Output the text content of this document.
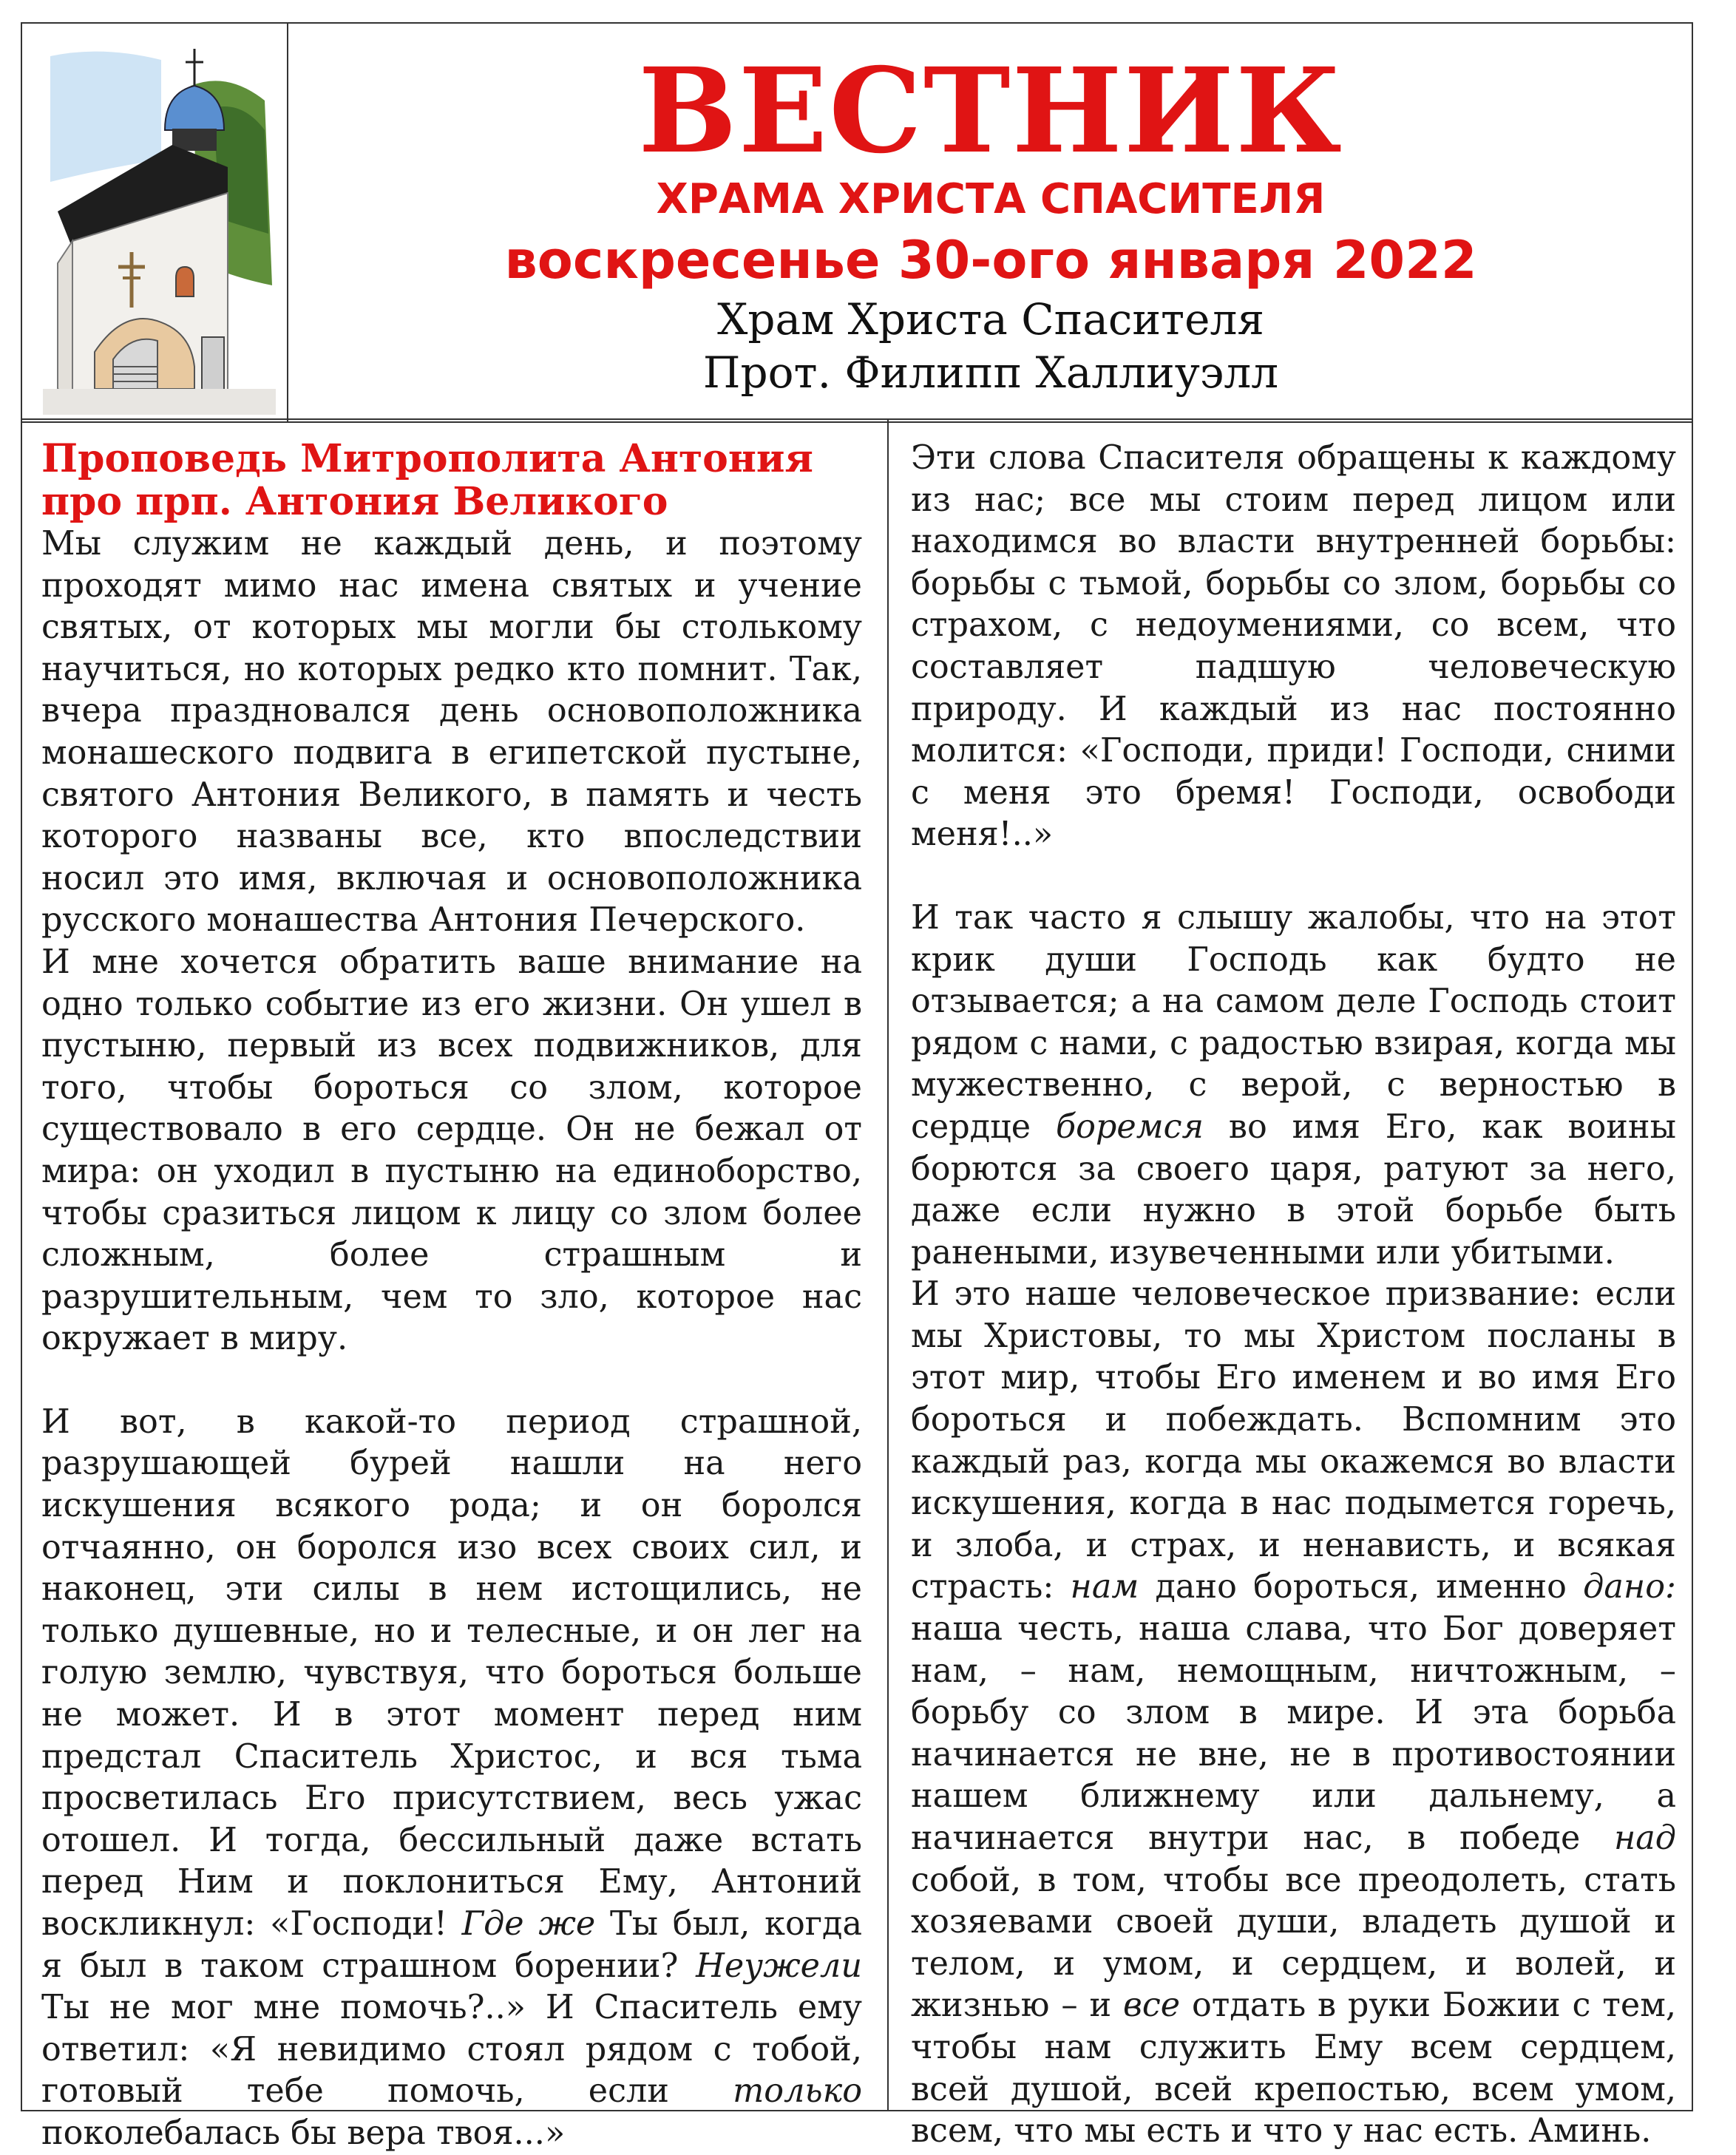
ВЕСТНИК
ХРАМА ХРИСТА СПАСИТЕЛЯ
воскресенье 30-ого января 2022
Храм Христа Спасителя
Прот. Филипп Халлиуэлл
Проповедь Митрополита Антония про прп. Антония Великого

Мы служим не каждый день, и поэтому проходят мимо нас имена святых и учение святых, от которых мы могли бы столькому научиться, но которых редко кто помнит. Так, вчера праздновался день основоположника монашеского подвига в египетской пустыне, святого Антония Великого, в память и честь которого названы все, кто впоследствии носил это имя, включая и основоположника русского монашества Антония Печерского.

И мне хочется обратить ваше внимание на одно только событие из его жизни. Он ушел в пустыню, первый из всех подвижников, для того, чтобы бороться со злом, которое существовало в его сердце. Он не бежал от мира: он уходил в пустыню на единоборство, чтобы сразиться лицом к лицу со злом более сложным, более страшным и разрушительным, чем то зло, которое нас окружает в миру.

И вот, в какой-то период страшной, разрушающей бурей нашли на него искушения всякого рода; и он боролся отчаянно, он боролся изо всех своих сил, и наконец, эти силы в нем истощились, не только душевные, но и телесные, и он лег на голую землю, чувствуя, что бороться больше не может. И в этот момент перед ним предстал Спаситель Христос, и вся тьма просветилась Его присутствием, весь ужас отошел. И тогда, бессильный даже встать перед Ним и поклониться Ему, Антоний воскликнул: «Господи! Где же Ты был, когда я был в таком страшном борении? Неужели Ты не мог мне помочь?..» И Спаситель ему ответил: «Я невидимо стоял рядом с тобой, готовый тебе помочь, если только поколебалась бы вера твоя...»

Эти слова Спасителя обращены к каждому из нас; все мы стоим перед лицом или находимся во власти внутренней борьбы: борьбы с тьмой, борьбы со злом, борьбы со страхом, с недоумениями, со всем, что составляет падшую человеческую природу. И каждый из нас постоянно молится: «Господи, приди! Господи, сними с меня это бремя! Господи, освободи меня!..»

И так часто я слышу жалобы, что на этот крик души Господь как будто не отзывается; а на самом деле Господь стоит рядом с нами, с радостью взирая, когда мы мужественно, с верой, с верностью в сердце боремся во имя Его, как воины борются за своего царя, ратуют за него, даже если нужно в этой борьбе быть ранеными, изувеченными или убитыми.

И это наше человеческое призвание: если мы Христовы, то мы Христом посланы в этот мир, чтобы Его именем и во имя Его бороться и побеждать. Вспомним это каждый раз, когда мы окажемся во власти искушения, когда в нас подымется горечь, и злоба, и страх, и ненависть, и всякая страсть: нам дано бороться, именно дано: наша честь, наша слава, что Бог доверяет нам, – нам, немощным, ничтожным, – борьбу со злом в мире. И эта борьба начинается не вне, не в противостоянии нашем ближнему или дальнему, а начинается внутри нас, в победе над собой, в том, чтобы все преодолеть, стать хозяевами своей души, владеть душой и телом, и умом, и сердцем, и волей, и жизнью – и все отдать в руки Божии с тем, чтобы нам служить Ему всем сердцем, всей душой, всей крепостью, всем умом, всем, что мы есть и что у нас есть. Аминь.
